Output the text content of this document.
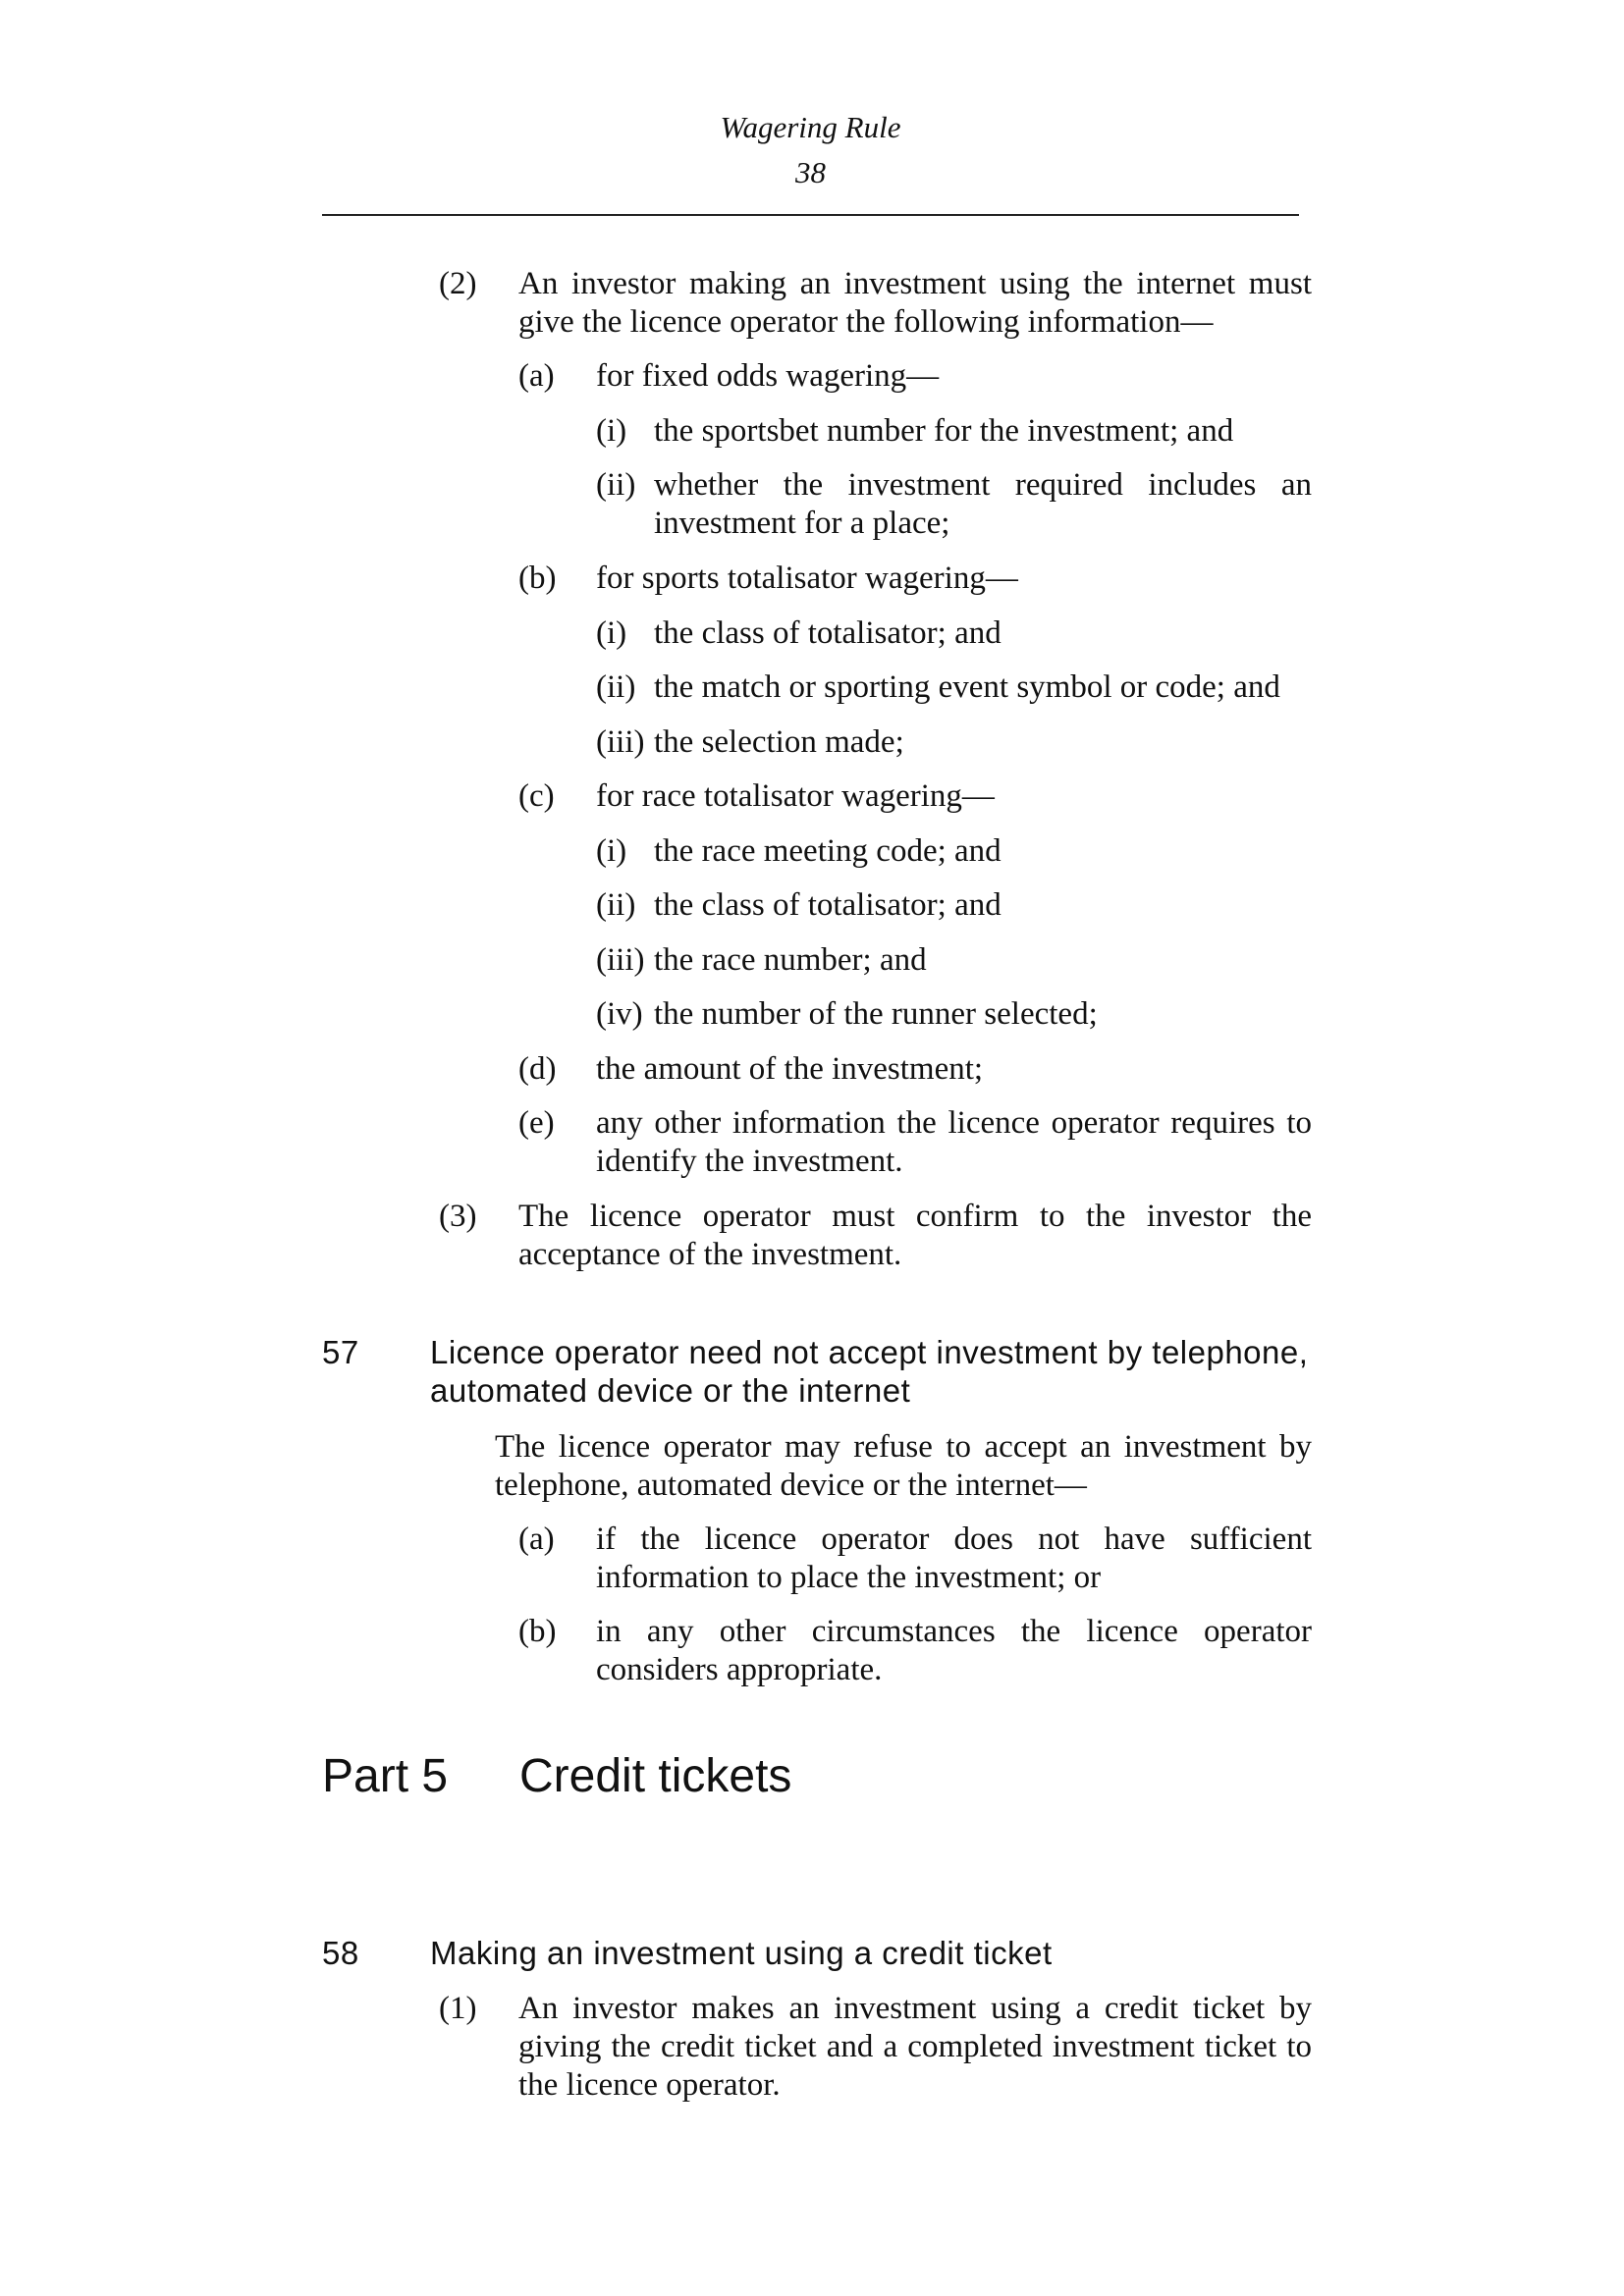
Wagering Rule
38
(2) An investor making an investment using the internet must give the licence operator the following information—
(a) for fixed odds wagering—
(i) the sportsbet number for the investment; and
(ii) whether the investment required includes an investment for a place;
(b) for sports totalisator wagering—
(i) the class of totalisator; and
(ii) the match or sporting event symbol or code; and
(iii) the selection made;
(c) for race totalisator wagering—
(i) the race meeting code; and
(ii) the class of totalisator; and
(iii) the race number; and
(iv) the number of the runner selected;
(d) the amount of the investment;
(e) any other information the licence operator requires to identify the investment.
(3) The licence operator must confirm to the investor the acceptance of the investment.
57 Licence operator need not accept investment by telephone, automated device or the internet
The licence operator may refuse to accept an investment by telephone, automated device or the internet—
(a) if the licence operator does not have sufficient information to place the investment; or
(b) in any other circumstances the licence operator considers appropriate.
Part 5 Credit tickets
58 Making an investment using a credit ticket
(1) An investor makes an investment using a credit ticket by giving the credit ticket and a completed investment ticket to the licence operator.
